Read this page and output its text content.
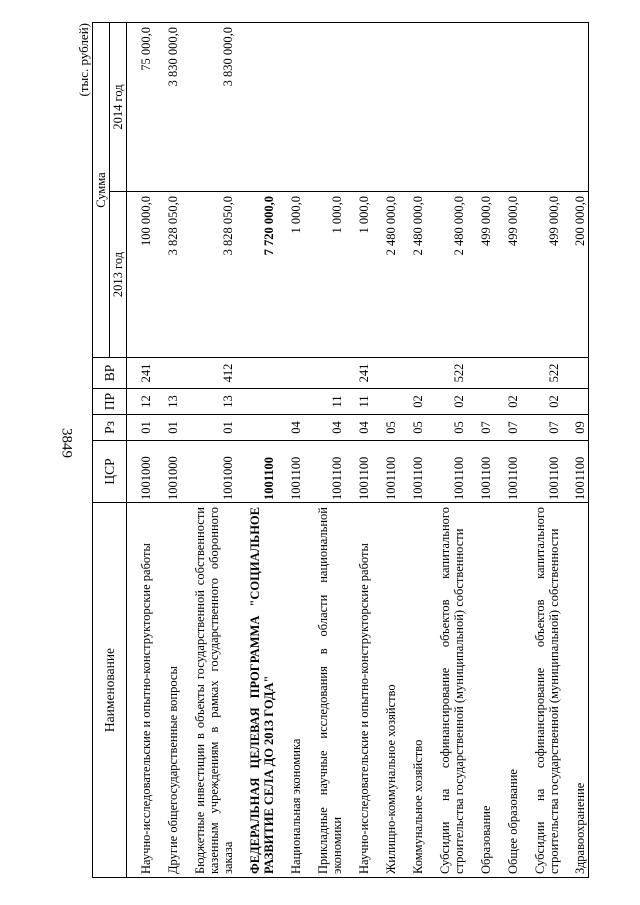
3849
(тыс. рублей)
Наименование	ЦСР	Рз	ПР	ВР	Сумма	
					2013 год	2014 год
Научно-исследовательские и опытно-конструкторские работы	1001000	01	12	241	100 000,0	75 000,0
Другие общегосударственные вопросы	1001000	01	13		3 828 050,0	3 830 000,0
Бюджетные инвестиции в объекты государственной собственности казенным учреждениям в рамках государственного оборонного заказа	1001000	01	13	412	3 828 050,0	3 830 000,0
ФЕДЕРАЛЬНАЯ ЦЕЛЕВАЯ ПРОГРАММА "СОЦИАЛЬНОЕ РАЗВИТИЕ СЕЛА ДО 2013 ГОДА"	1001100				7 720 000,0	
Национальная экономика	1001100	04			1 000,0	
Прикладные научные исследования в области национальной экономики	1001100	04	11		1 000,0	
Научно-исследовательские и опытно-конструкторские работы	1001100	04	11	241	1 000,0	
Жилищно-коммунальное хозяйство	1001100	05			2 480 000,0	
Коммунальное хозяйство	1001100	05	02		2 480 000,0	
Субсидии на софинансирование объектов капитального строительства государственной (муниципальной) собственности	1001100	05	02	522	2 480 000,0	
Образование	1001100	07			499 000,0	
Общее образование	1001100	07	02		499 000,0	
Субсидии на софинансирование объектов капитального строительства государственной (муниципальной) собственности	1001100	07	02	522	499 000,0	
Здравоохранение	1001100	09			200 000,0	
